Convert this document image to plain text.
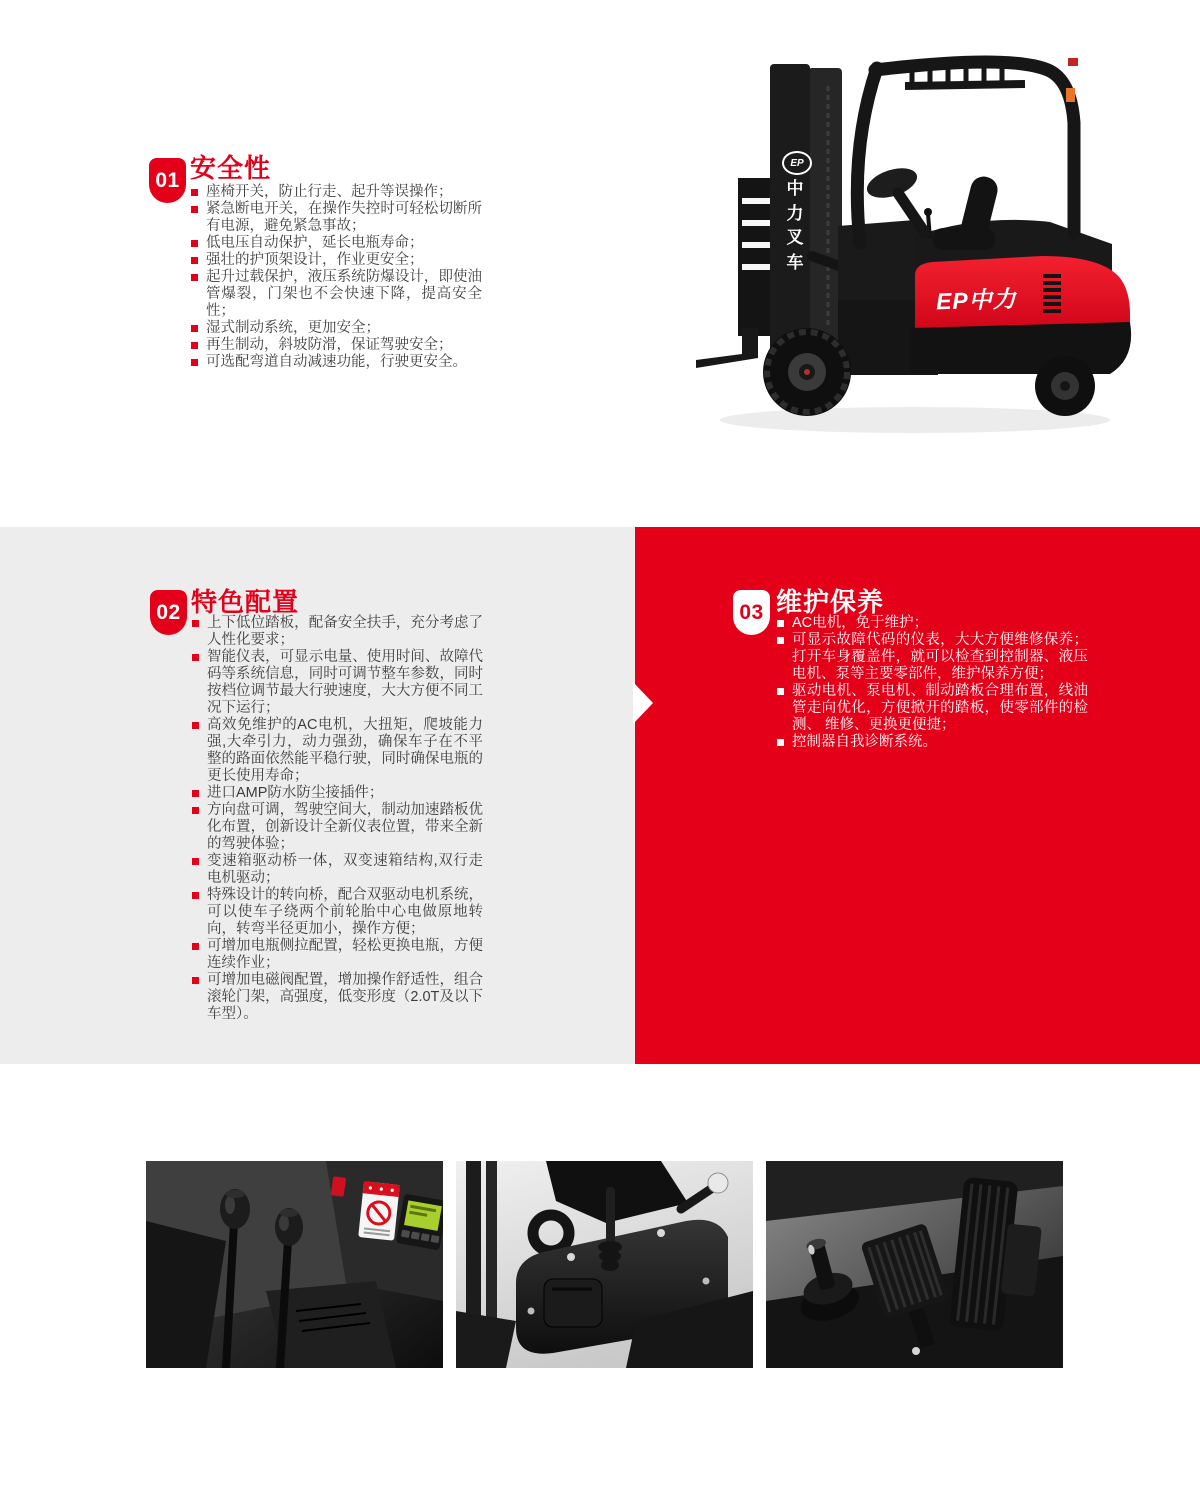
01 安全性
座椅开关，防止行走、起升等误操作；
紧急断电开关，在操作失控时可轻松切断所有电源，避免紧急事故；
低电压自动保护，延长电瓶寿命；
强壮的护顶架设计，作业更安全；
起升过载保护，液压系统防爆设计，即使油管爆裂，门架也不会快速下降，提高安全性；
湿式制动系统，更加安全；
再生制动，斜坡防滑，保证驾驶安全；
可选配弯道自动减速功能，行驶更安全。
EP
中力叉车
EP中力
02 特色配置
上下低位踏板，配备安全扶手，充分考虑了人性化要求；
智能仪表，可显示电量、使用时间、故障代码等系统信息，同时可调节整车参数，同时按档位调节最大行驶速度，大大方便不同工况下运行；
高效免维护的AC电机，大扭矩，爬坡能力强,大牵引力，动力强劲，确保车子在不平整的路面依然能平稳行驶，同时确保电瓶的更长使用寿命；
进口AMP防水防尘接插件；
方向盘可调，驾驶空间大，制动加速踏板优化布置，创新设计全新仪表位置，带来全新的驾驶体验；
变速箱驱动桥一体，双变速箱结构,双行走电机驱动；
特殊设计的转向桥，配合双驱动电机系统，可以使车子绕两个前轮胎中心电做原地转向，转弯半径更加小，操作方便；
可增加电瓶侧拉配置，轻松更换电瓶，方便连续作业；
可增加电磁阀配置，增加操作舒适性，组合滚轮门架，高强度，低变形度（2.0T及以下车型）。
03 维护保养
AC电机，免于维护；
可显示故障代码的仪表，大大方便维修保养；打开车身覆盖件，就可以检查到控制器、液压电机、泵等主要零部件，维护保养方便；
驱动电机、泵电机、制动踏板合理布置，线油管走向优化，方便掀开的踏板，使零部件的检测、 维修、更换更便捷；
控制器自我诊断系统。
